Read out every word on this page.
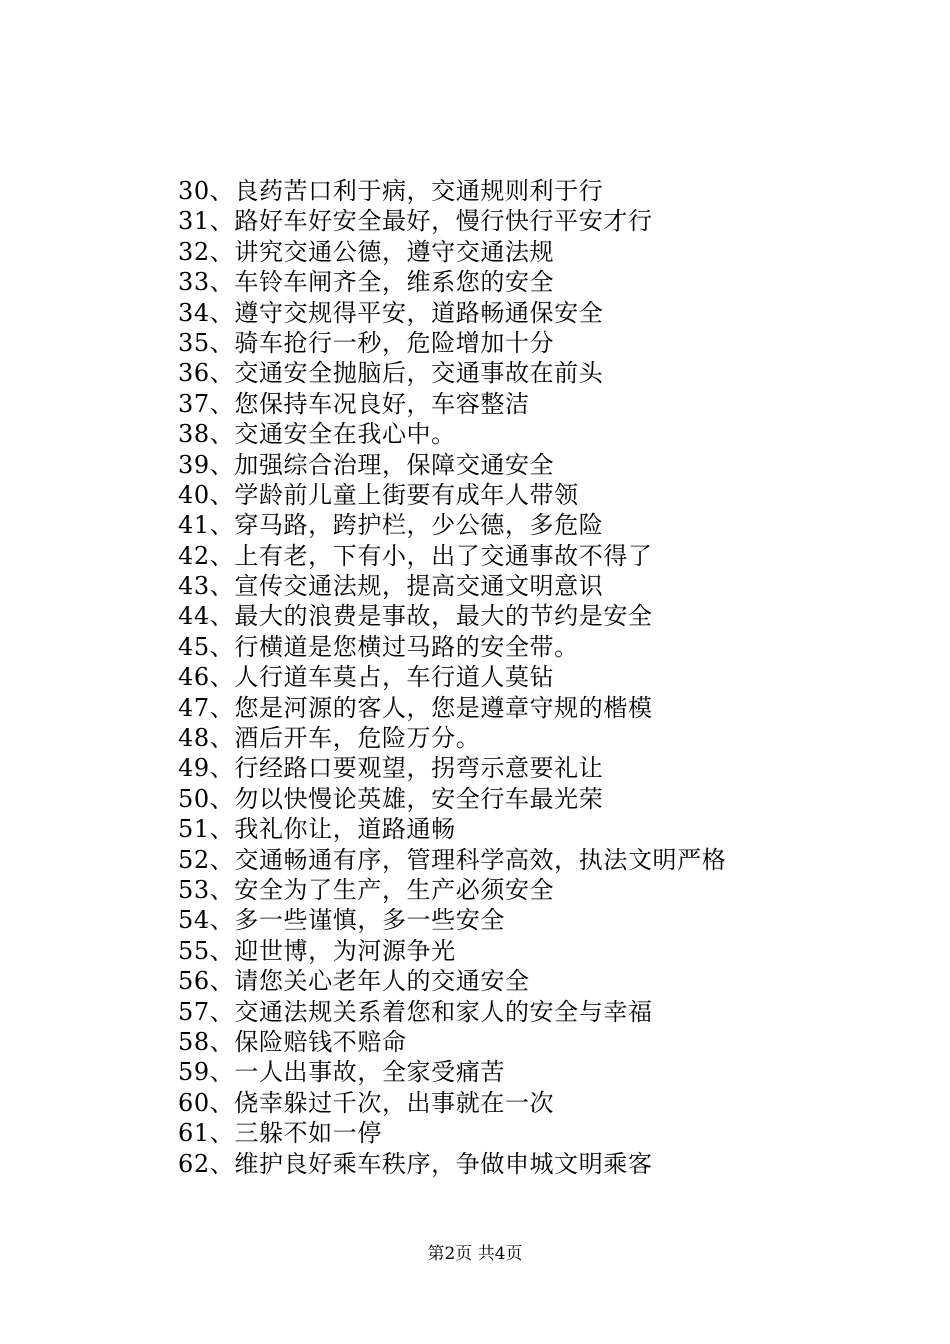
30、良药苦口利于病，交通规则利于行
31、路好车好安全最好，慢行快行平安才行
32、讲究交通公德，遵守交通法规
33、车铃车闸齐全，维系您的安全
34、遵守交规得平安，道路畅通保安全
35、骑车抢行一秒，危险增加十分
36、交通安全抛脑后，交通事故在前头
37、您保持车况良好，车容整洁
38、交通安全在我心中。
39、加强综合治理，保障交通安全
40、学龄前儿童上街要有成年人带领
41、穿马路，跨护栏，少公德，多危险
42、上有老，下有小，出了交通事故不得了
43、宣传交通法规，提高交通文明意识
44、最大的浪费是事故，最大的节约是安全
45、行横道是您横过马路的安全带。
46、人行道车莫占，车行道人莫钻
47、您是河源的客人，您是遵章守规的楷模
48、酒后开车，危险万分。
49、行经路口要观望，拐弯示意要礼让
50、勿以快慢论英雄，安全行车最光荣
51、我礼你让，道路通畅
52、交通畅通有序，管理科学高效，执法文明严格
53、安全为了生产，生产必须安全
54、多一些谨慎，多一些安全
55、迎世博，为河源争光
56、请您关心老年人的交通安全
57、交通法规关系着您和家人的安全与幸福
58、保险赔钱不赔命
59、一人出事故，全家受痛苦
60、侥幸躲过千次，出事就在一次
61、三躲不如一停
62、维护良好乘车秩序，争做申城文明乘客
第2页 共4页
